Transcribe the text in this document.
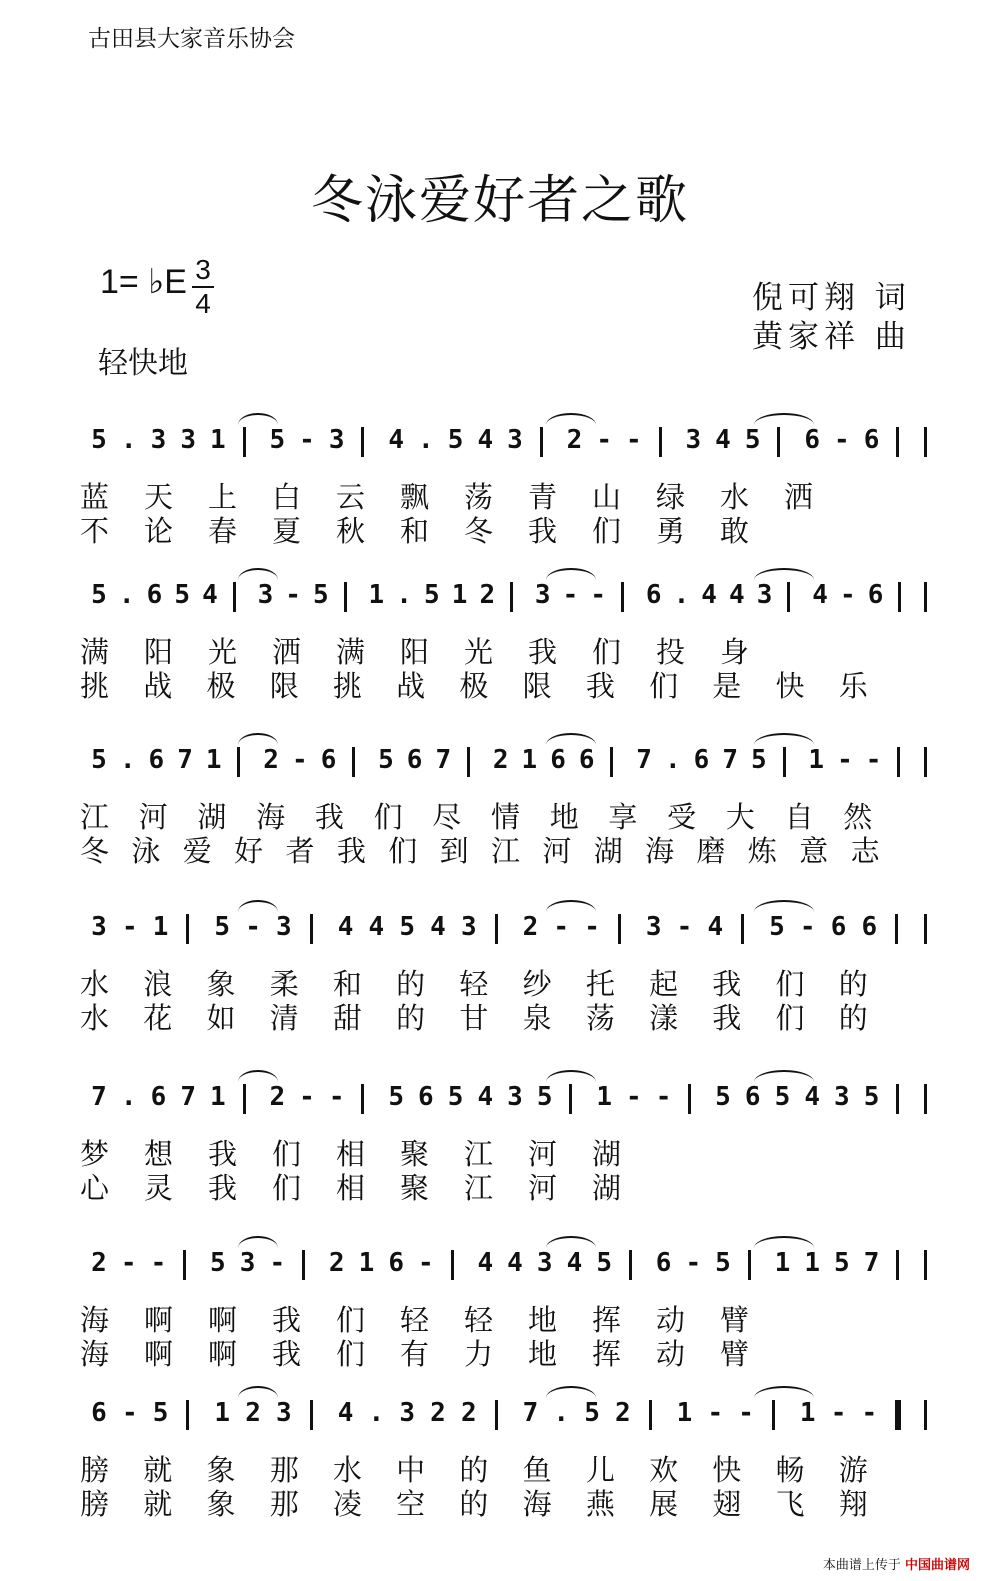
古田县大家音乐协会
冬泳爱好者之歌
1= ♭E 3
4
轻快地
倪可翔 词
黄家祥 曲
5 . 3 3 1 5 - 3 4 . 5 4 3 2 - - 3 4 5 6 - 6
蓝 天 上 白 云 飘 荡 青 山 绿 水 洒
不 论 春 夏 秋 和 冬 我 们 勇 敢
5 . 6 5 4 3 - 5 1 . 5 1 2 3 - - 6 . 4 4 3 4 - 6
满 阳 光 洒 满 阳 光 我 们 投 身
挑 战 极 限 挑 战 极 限 我 们 是 快 乐
5 . 6 7 1 2 - 6 5 6 7 2 1 6 6 7 . 6 7 5 1 - -
江 河 湖 海 我 们 尽 情 地 享 受 大 自 然
冬 泳 爱 好 者 我 们 到 江 河 湖 海 磨 炼 意 志
3 - 1 5 - 3 4 4 5 4 3 2 - - 3 - 4 5 - 6 6
水 浪 象 柔 和 的 轻 纱 托 起 我 们 的
水 花 如 清 甜 的 甘 泉 荡 漾 我 们 的
7 . 6 7 1 2 - - 5 6 5 4 3 5 1 - - 5 6 5 4 3 5
梦 想 我 们 相 聚 江 河 湖
心 灵 我 们 相 聚 江 河 湖
2 - - 5 3 - 2 1 6 - 4 4 3 4 5 6 - 5 1 1 5 7
海 啊 啊 我 们 轻 轻 地 挥 动 臂
海 啊 啊 我 们 有 力 地 挥 动 臂
6 - 5 1 2 3 4 . 3 2 2 7 . 5 2 1 - - 1 - -
膀 就 象 那 水 中 的 鱼 儿 欢 快 畅 游
膀 就 象 那 凌 空 的 海 燕 展 翅 飞 翔
本曲谱上传于 中国曲谱网
